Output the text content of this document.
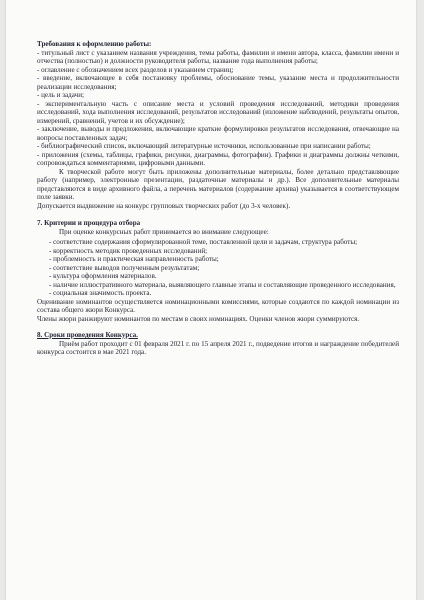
Требования к оформлению работы:

- титульный лист с указанием названия учреждения, темы работы, фамилии и имени автора, класса, фамилии имени и отчества (полностью) и должности руководителя работы, название года выполнения работы;

- оглавление с обозначением всех разделов и указанием страниц;

- введение, включающее в себя постановку проблемы, обоснование темы, указание места и продолжительности реализации исследования;

- цель и задачи;

- экспериментальную часть с описание места и условий проведения исследований, методики проведения исследований, хода выполнения исследований, результатов исследований (изложение наблюдений, результаты опытов, измерений, сравнений, учетов и их обсуждение);

- заключение, выводы и предложения, включающие краткие формулировки результатов исследования, отвечающие на вопросы поставленных задач;

- библиографический список, включающий литературные источники, использованные при написании работы;

- приложения (схемы, таблицы, графики, рисунки, диаграммы, фотографии). Графики и диаграммы должны четкими, сопровождаться комментариями, цифровыми данными.

К творческой работе могут быть приложены дополнительные материалы, более детально представляющие работу (например, электронные презентации, раздаточные материалы и др.). Все дополнительные материалы представляются в виде архивного файла, а перечень материалов (содержание архива) указывается в соответствующем поле заявки.

Допускается выдвижение на конкурс групповых творческих работ (до 3-х человек).

7. Критерии и процедура отбора

При оценке конкурсных работ принимается во внимание следующее:

- соответствие содержания сформулированной теме, поставленной цели и задачам, структура работы;

- корректность методик проведенных исследований;

- проблемность и практическая направленность работы;

- соответствие выводов полученным результатам;

- культура оформления материалов.

- наличие иллюстративного материала, выявляющего главные этапы и составляющие проведенного исследования,

- социальная значимость проекта.

Оценивание номинантов осуществляется номинационными комиссиями, которые создаются по каждой номинации из состава общего жюри Конкурса.

Члены жюри ранжируют номинантов по местам в своих номинациях. Оценки членов жюри суммируются.

8. Сроки проведения Конкурса.

Приём работ проходит с 01 февраля 2021 г. по 15 апреля 2021 г., подведение итогов и награждение победителей конкурса состоится в мае 2021 года.
